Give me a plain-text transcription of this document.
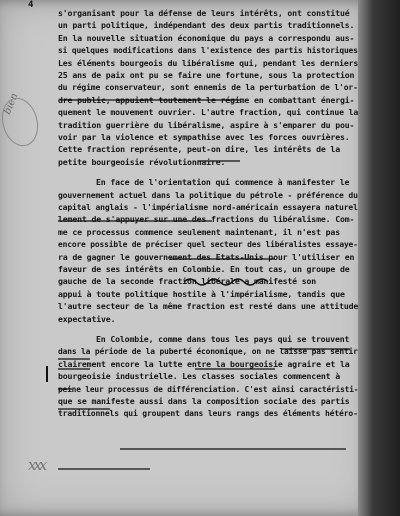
4
s'organisant pour la défense de leurs intérêts, ont constitué
un parti politique, indépendant des deux partis traditionnels.
En la nouvelle situation économique du pays a correspondu aus-
si quelques modifications dans l'existence des partis historiques
Les éléments bourgeois du libéralisme qui, pendant les derniers
25 ans de paix ont pu se faire une fortune, sous la protection
du régime conservateur, sont ennemis de la perturbation de l'or-
dre public, appuient toutement le régime en combattant énergi-
quement le mouvement ouvrier. L'autre fraction, qui continue la
tradition guerrière du libéralisme, aspire à s'emparer du pou-
voir par la violence et sympathise avec les forces ouvrières.
Cette fraction représente, peut-on dire, les intérêts de la
petite bourgeoisie révolutionnaire.
En face de l'orientation qui commence à manifester le
gouvernement actuel dans la politique du pétrole - préférence du
capital anglais - l'impérialisme nord-américain essayera naturel
lement de s'appuyer sur une des fractions du libéralisme. Com-
me ce processus commence seulement maintenant, il n'est pas
encore possible de préciser quel secteur des libéralistes essaye-
ra de gagner le gouvernement des Etats-Unis pour l'utiliser en
faveur de ses intérêts en Colombie. En tout cas, un groupe de
gauche de la seconde fraction libérale a manifesté son
appui à toute politique hostile à l'impérialisme, tandis que
l'autre secteur de la même fraction est resté dans une attitude
expectative.
En Colombie, comme dans tous les pays qui se trouvent
dans la période de la puberté économique, on ne laisse pas sentir
clairement encore la lutte entre la bourgeoisie agraire et la
bourgeoisie industrielle. Les classes sociales commencent à
peine leur processus de différenciation. C'est ainsi caractéristi-
que se manifeste aussi dans la composition sociale des partis
traditionnels qui groupent dans leurs rangs des éléments hétéro-
bien
xxx
